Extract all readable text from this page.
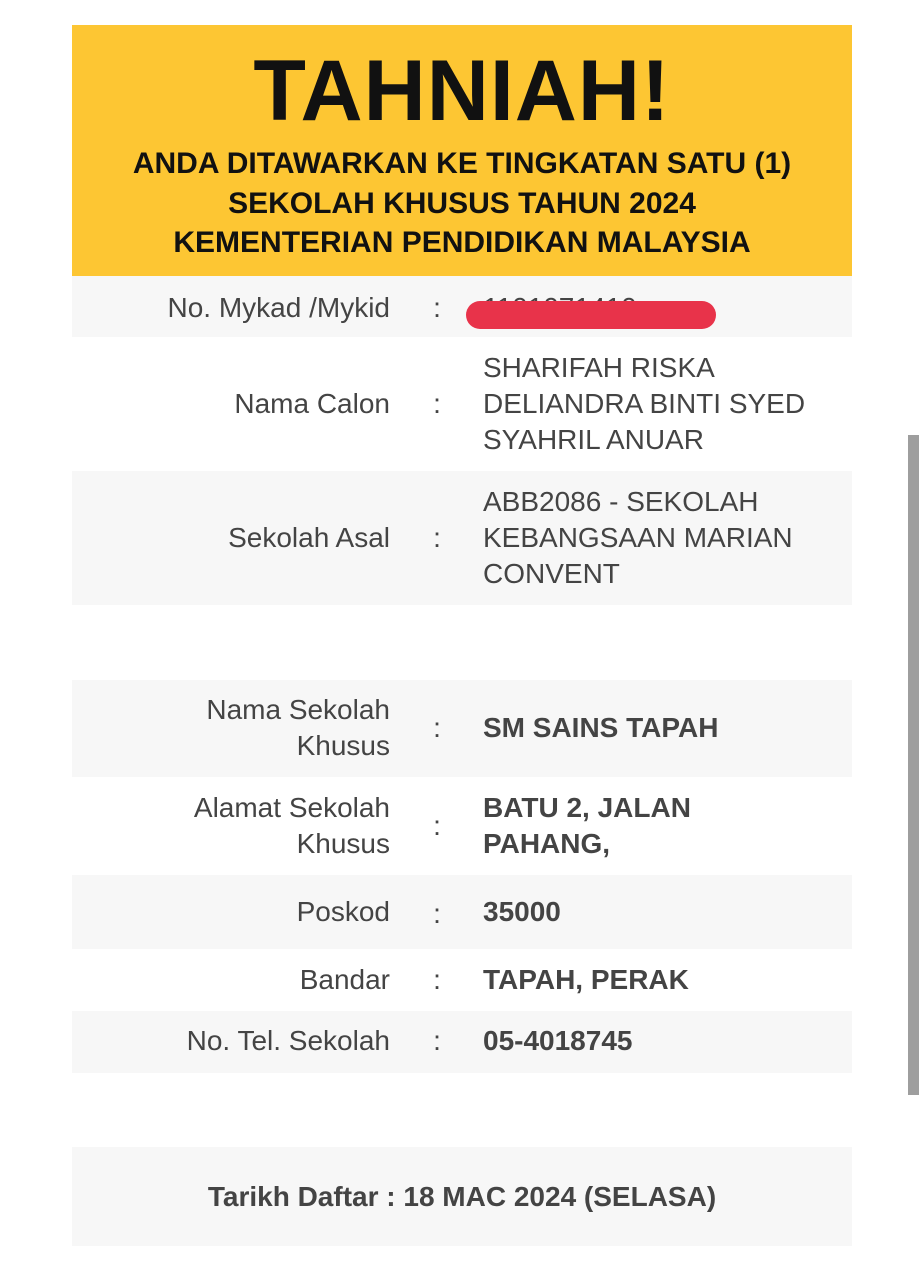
TAHNIAH!
ANDA DITAWARKAN KE TINGKATAN SATU (1)
SEKOLAH KHUSUS TAHUN 2024
KEMENTERIAN PENDIDIKAN MALAYSIA
No. Mykad /Mykid :
Nama Calon :
SHARIFAH RISKA
DELIANDRA BINTI SYED
SYAHRIL ANUAR
Sekolah Asal :
ABB2086 - SEKOLAH
KEBANGSAAN MARIAN
CONVENT
Nama Sekolah
Khusus
: SM SAINS TAPAH
Alamat Sekolah
Khusus
:
BATU 2, JALAN
PAHANG,
Poskod : 35000
Bandar : TAPAH, PERAK
No. Tel. Sekolah : 05-4018745
Tarikh Daftar : 18 MAC 2024 (SELASA)
